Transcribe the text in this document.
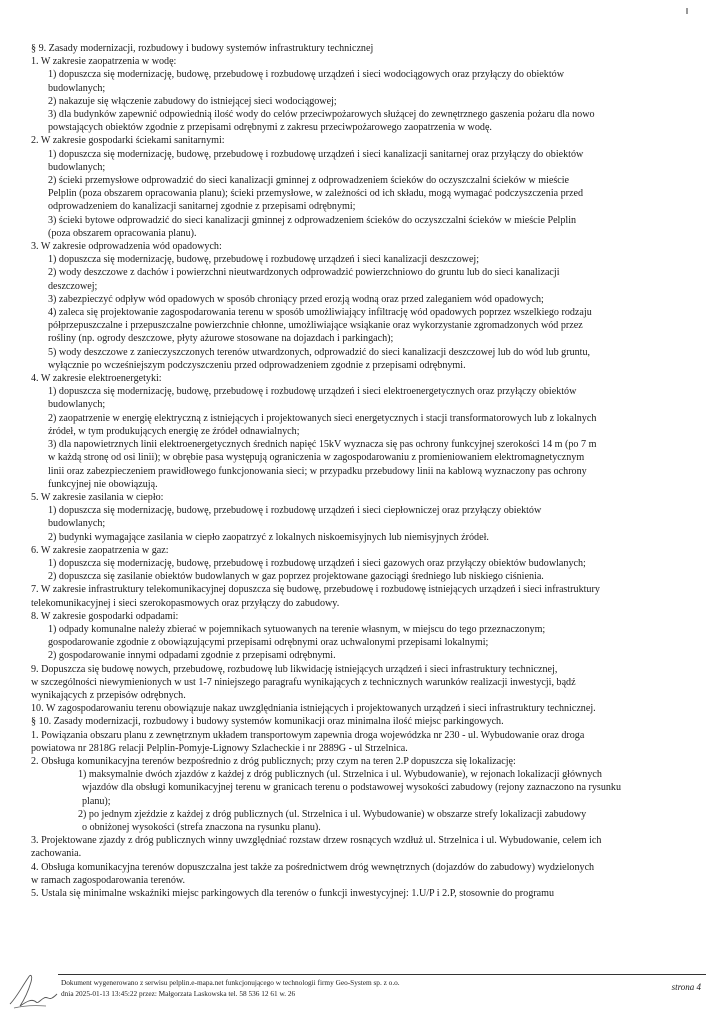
§ 9. Zasady modernizacji, rozbudowy i budowy systemów infrastruktury technicznej
1. W zakresie zaopatrzenia w wodę:
1) dopuszcza się modernizację, budowę, przebudowę i rozbudowę urządzeń i sieci wodociągowych oraz przyłączy do obiektów
budowlanych;
2) nakazuje się włączenie zabudowy do istniejącej sieci wodociągowej;
3) dla budynków zapewnić odpowiednią ilość wody do celów przeciwpożarowych służącej do zewnętrznego gaszenia pożaru dla nowo
powstających obiektów zgodnie z przepisami odrębnymi z zakresu przeciwpożarowego zaopatrzenia w wodę.
2. W zakresie gospodarki ściekami sanitarnymi:
1) dopuszcza się modernizację, budowę, przebudowę i rozbudowę urządzeń i sieci kanalizacji sanitarnej oraz przyłączy do obiektów
budowlanych;
2) ścieki przemysłowe odprowadzić do sieci kanalizacji gminnej z odprowadzeniem ścieków do oczyszczalni ścieków w mieście
Pelplin (poza obszarem opracowania planu); ścieki przemysłowe, w zależności od ich składu, mogą wymagać podczyszczenia przed
odprowadzeniem do kanalizacji sanitarnej zgodnie z przepisami odrębnymi;
3) ścieki bytowe odprowadzić do sieci kanalizacji gminnej z odprowadzeniem ścieków do oczyszczalni ścieków w mieście Pelplin
(poza obszarem opracowania planu).
3. W zakresie odprowadzenia wód opadowych:
1) dopuszcza się modernizację, budowę, przebudowę i rozbudowę urządzeń i sieci kanalizacji deszczowej;
2) wody deszczowe z dachów i powierzchni nieutwardzonych odprowadzić powierzchniowo do gruntu lub do sieci kanalizacji
deszczowej;
3) zabezpieczyć odpływ wód opadowych w sposób chroniący przed erozją wodną oraz przed zaleganiem wód opadowych;
4) zaleca się projektowanie zagospodarowania terenu w sposób umożliwiający infiltrację wód opadowych poprzez wszelkiego rodzaju
półprzepuszczalne i przepuszczalne powierzchnie chłonne, umożliwiające wsiąkanie oraz wykorzystanie zgromadzonych wód przez
rośliny (np. ogrody deszczowe, płyty ażurowe stosowane na dojazdach i parkingach);
5) wody deszczowe z zanieczyszczonych terenów utwardzonych, odprowadzić do sieci kanalizacji deszczowej lub do wód lub gruntu,
wyłącznie po wcześniejszym podczyszczeniu przed odprowadzeniem zgodnie z przepisami odrębnymi.
4. W zakresie elektroenergetyki:
1) dopuszcza się modernizację, budowę, przebudowę i rozbudowę urządzeń i sieci elektroenergetycznych oraz przyłączy obiektów
budowlanych;
2) zaopatrzenie w energię elektryczną z istniejących i projektowanych sieci energetycznych i stacji transformatorowych lub z lokalnych
źródeł, w tym produkujących energię ze źródeł odnawialnych;
3) dla napowietrznych linii elektroenergetycznych średnich napięć 15kV wyznacza się pas ochrony funkcyjnej szerokości 14 m (po 7 m
w każdą stronę od osi linii); w obrębie pasa występują ograniczenia w zagospodarowaniu z promieniowaniem elektromagnetycznym
linii oraz zabezpieczeniem prawidłowego funkcjonowania sieci; w przypadku przebudowy linii na kablową wyznaczony pas ochrony
funkcyjnej nie obowiązują.
5. W zakresie zasilania w ciepło:
1) dopuszcza się modernizację, budowę, przebudowę i rozbudowę urządzeń i sieci ciepłowniczej oraz przyłączy obiektów
budowlanych;
2) budynki wymagające zasilania w ciepło zaopatrzyć z lokalnych niskoemisyjnych lub niemisyjnych źródeł.
6. W zakresie zaopatrzenia w gaz:
1) dopuszcza się modernizację, budowę, przebudowę i rozbudowę urządzeń i sieci gazowych oraz przyłączy obiektów budowlanych;
2) dopuszcza się zasilanie obiektów budowlanych w gaz poprzez projektowane gazociągi średniego lub niskiego ciśnienia.
7. W zakresie infrastruktury telekomunikacyjnej dopuszcza się budowę, przebudowę i rozbudowę istniejących urządzeń i sieci infrastruktury
telekomunikacyjnej i sieci szerokopasmowych oraz przyłączy do zabudowy.
8. W zakresie gospodarki odpadami:
1) odpady komunalne należy zbierać w pojemnikach sytuowanych na terenie własnym, w miejscu do tego przeznaczonym;
gospodarowanie zgodnie z obowiązującymi przepisami odrębnymi oraz uchwalonymi przepisami lokalnymi;
2) gospodarowanie innymi odpadami zgodnie z przepisami odrębnymi.
9. Dopuszcza się budowę nowych, przebudowę, rozbudowę lub likwidację istniejących urządzeń i sieci infrastruktury technicznej,
w szczególności niewymienionych w ust 1-7 niniejszego paragrafu wynikających z technicznych warunków realizacji inwestycji, bądź
wynikających z przepisów odrębnych.
10. W zagospodarowaniu terenu obowiązuje nakaz uwzględniania istniejących i projektowanych urządzeń i sieci infrastruktury technicznej.
§ 10. Zasady modernizacji, rozbudowy i budowy systemów komunikacji oraz minimalna ilość miejsc parkingowych.
1. Powiązania obszaru planu z zewnętrznym układem transportowym zapewnia droga wojewódzka nr 230 - ul. Wybudowanie oraz droga
powiatowa nr 2818G relacji Pelplin-Pomyje-Lignowy Szlacheckie i nr 2889G - ul Strzelnica.
2. Obsługa komunikacyjna terenów bezpośrednio z dróg publicznych; przy czym na teren 2.P dopuszcza się lokalizację:
1) maksymalnie dwóch zjazdów z każdej z dróg publicznych (ul. Strzelnica i ul. Wybudowanie), w rejonach lokalizacji głównych
wjazdów dla obsługi komunikacyjnej terenu w granicach terenu o podstawowej wysokości zabudowy (rejony zaznaczono na rysunku
planu);
2) po jednym zjeździe z każdej z dróg publicznych (ul. Strzelnica i ul. Wybudowanie) w obszarze strefy lokalizacji zabudowy
o obniżonej wysokości (strefa znaczona na rysunku planu).
3. Projektowane zjazdy z dróg publicznych winny uwzględniać rozstaw drzew rosnących wzdłuż ul. Strzelnica i ul. Wybudowanie, celem ich
zachowania.
4. Obsługa komunikacyjna terenów dopuszczalna jest także za pośrednictwem dróg wewnętrznych (dojazdów do zabudowy) wydzielonych
w ramach zagospodarowania terenów.
5. Ustala się minimalne wskaźniki miejsc parkingowych dla terenów o funkcji inwestycyjnej: 1.U/P i 2.P, stosownie do programu
Dokument wygenerowano z serwisu pelplin.e-mapa.net funkcjonującego w technologii firmy Geo-System sp. z o.o.
dnia 2025-01-13 13:45:22 przez: Małgorzata Laskowska tel. 58 536 12 61 w. 26
strona 4
